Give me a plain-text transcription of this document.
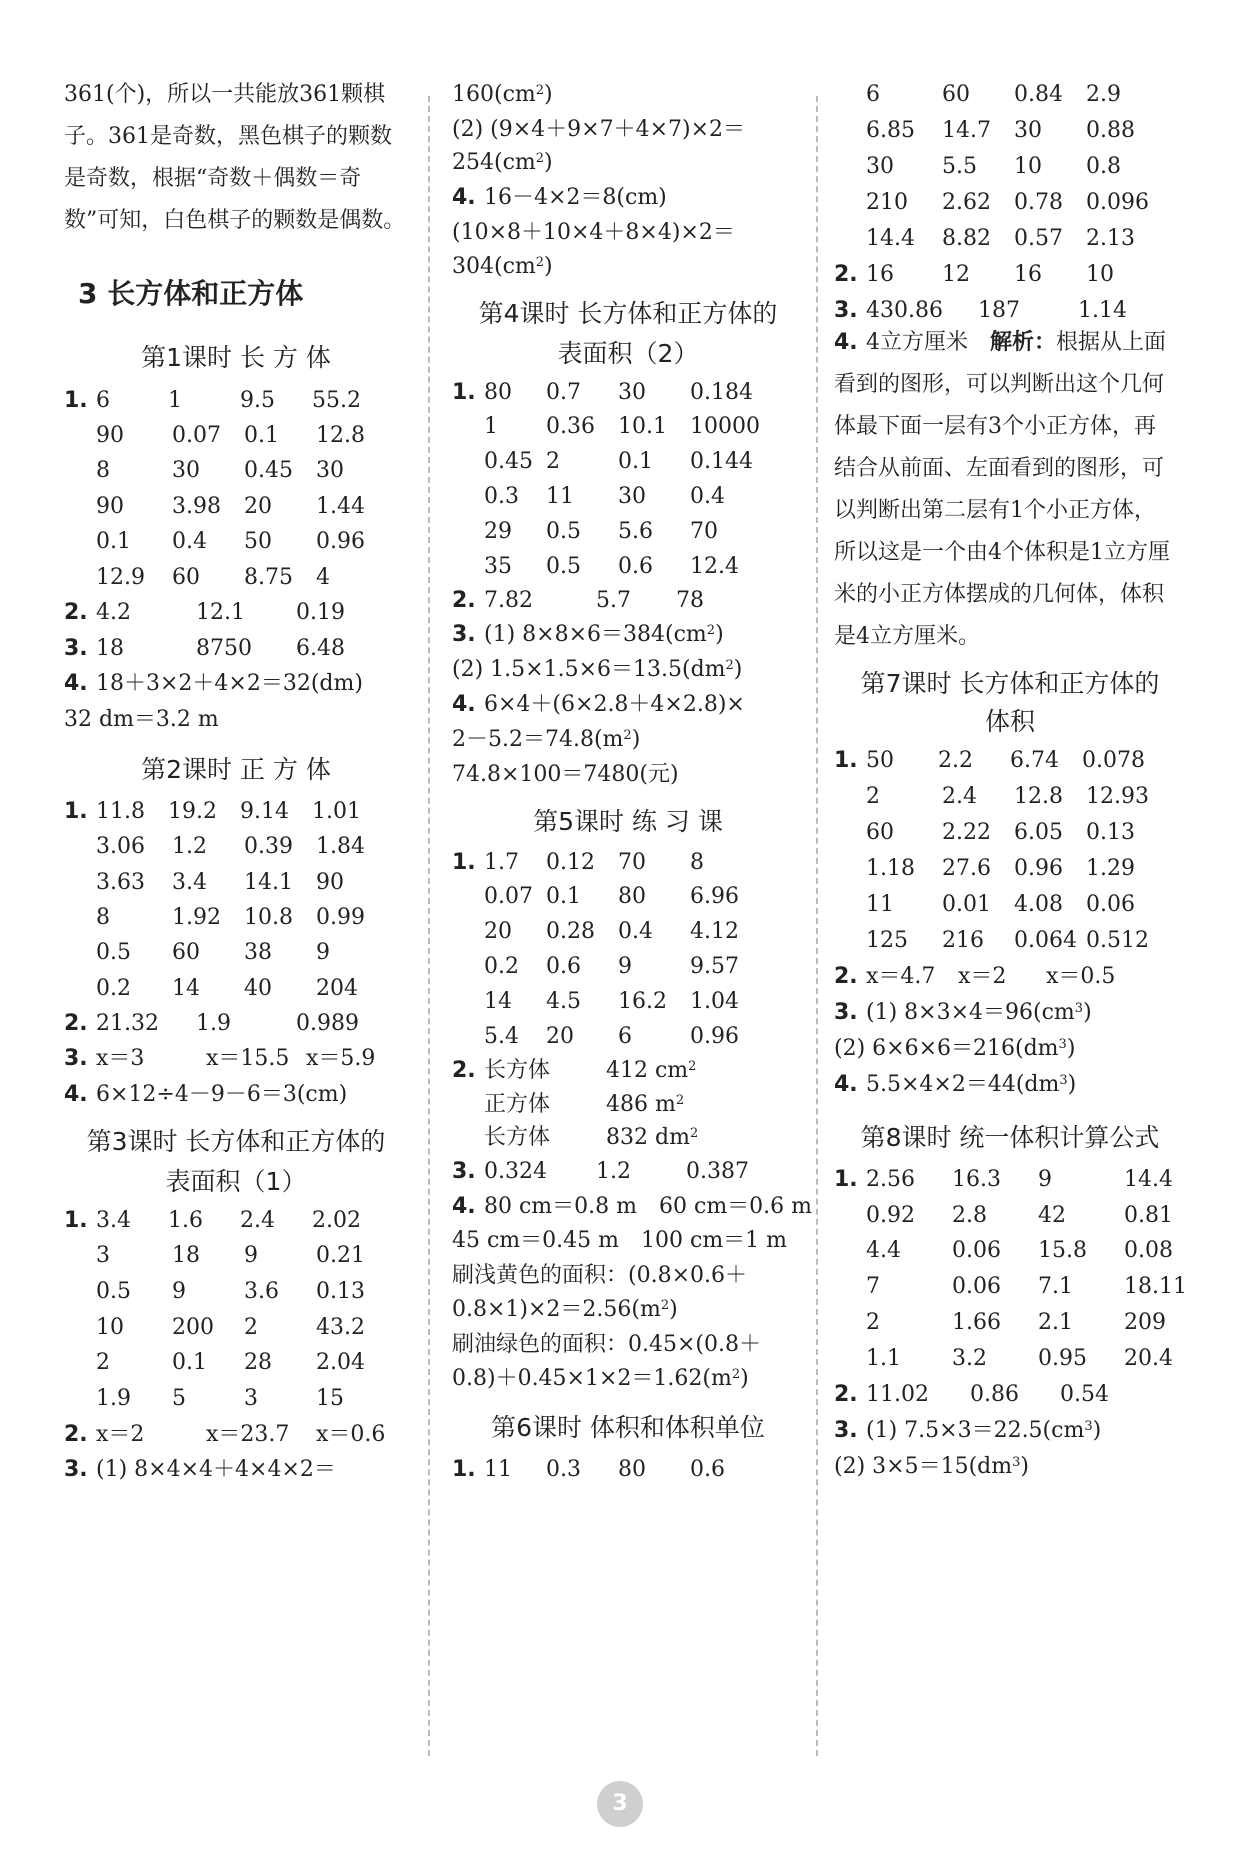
361(个)，所以一共能放361颗棋子。361是奇数，黑色棋子的颗数是奇数，根据“奇数＋偶数＝奇数”可知，白色棋子的颗数是偶数。
3 长方体和正方体
第1课时 长 方 体
1. 6	1	9.5 55.2
90 0.07 0.1 12.8
8	30 0.45 30
90 3.98 20 1.44
0.1 0.4 50 0.96
12.9 60 8.75 4
2. 4.2	12.1 0.19
3. 18	8750 6.48
4. 18＋3×2＋4×2＝32(dm)
32 dm＝3.2 m
第2课时 正 方 体
1. 11.8 19.2 9.14 1.01
3.06 1.2 0.39 1.84
3.63 3.4 14.1 90
8	1.92 10.8 0.99
0.5 60 38 9
0.2 14 40 204
2. 21.32 1.9	0.989
3. x＝3	x＝15.5 x＝5.9
4. 6×12÷4－9－6＝3(cm)
第3课时 长方体和正方体的
表面积（1）
1. 3.4 1.6 2.4 2.02
3	18 9	0.21
0.5 9	3.6 0.13
10 200 2	43.2
2	0.1 28 2.04
1.9 5	3	15
2. x＝2	x＝23.7 x＝0.6
3. (1) 8×4×4＋4×4×2＝
$160(cm^2)$
(2) (9×4＋9×7＋4×7)×2＝
$254(cm^2)$
4. 16－4×2＝8(cm)
(10×8＋10×4＋8×4)×2＝
$304(cm^2)$
第4课时 长方体和正方体的
表面积（2）
1. 80 0.7 30 0.184
1 0.36 10.1 10000
0.45 2	0.1 0.144
0.3 11 30 0.4
29 0.5 5.6 70
35 0.5 0.6 12.4
2. 7.82	5.7 78
3. (1) $8\times 8\times 6=384(cm^2)$
(2) $1.5\times 1.5\times 6=13.5(dm^2)$
4. 6×4＋(6×2.8＋4×2.8)×
$2-5.2=74.8(m^2)$
74.8×100＝7480(元)
第5课时 练 习 课
1. 1.7 0.12 70 8
0.07 0.1 80 6.96
20 0.28 0.4 4.12
0.2 0.6 9	9.57
14 4.5 16.2 1.04
5.4 20 6	0.96
2. 长方体	412 $cm^2$
正方体	486 $m^2$
长方体	832 $dm^2$
3. 0.324 1.2	0.387
4. 80 cm＝0.8 m　60 cm＝0.6 m
45 cm＝0.45 m　100 cm＝1 m
刷浅黄色的面积：(0.8×0.6＋
$0.8\times 1)\times 2=2.56(m^2)$
刷油绿色的面积：0.45×(0.8＋
$0.8)+0.45\times 1\times 2=1.62(m^2)$
第6课时 体积和体积单位
1. 11 0.3 80 0.6
6	60 0.84 2.9
6.85 14.7 30 0.88
30 5.5 10 0.8
210 2.62 0.78 0.096
14.4 8.82 0.57 2.13
2. 16 12 16 10
3. 430.86 187	1.14
4. 4立方厘米　 解析：根据从上面看到的图形，可以判断出这个几何体最下面一层有3个小正方体，再结合从前面、左面看到的图形，可以判断出第二层有1个小正方体，所以这是一个由4个体积是1立方厘米的小正方体摆成的几何体，体积是4立方厘米。
第7课时 长方体和正方体的
体积
1. 50 2.2 6.74 0.078
2	2.4 12.8 12.93
60 2.22 6.05 0.13
1.18 27.6 0.96 1.29
11 0.01 4.08 0.06
125 216 0.064 0.512
2. x＝4.7 x＝2 x＝0.5
3. (1) $8\times 3\times 4=96(cm^3)$
(2) $6\times 6\times 6=216(dm^3)$
4. $5.5\times 4\times 2=44(dm^3)$
第8课时 统一体积计算公式
1. 2.56 16.3 9	14.4
0.92 2.8 42	0.81
4.4 0.06 15.8 0.08
7	0.06 7.1 18.11
2	1.66 2.1 209
1.1 3.2 0.95 20.4
2. 11.02 0.86 0.54
3. (1) $7.5\times 3=22.5(cm^3)$
(2) $3\times 5=15(dm^3)$
3
